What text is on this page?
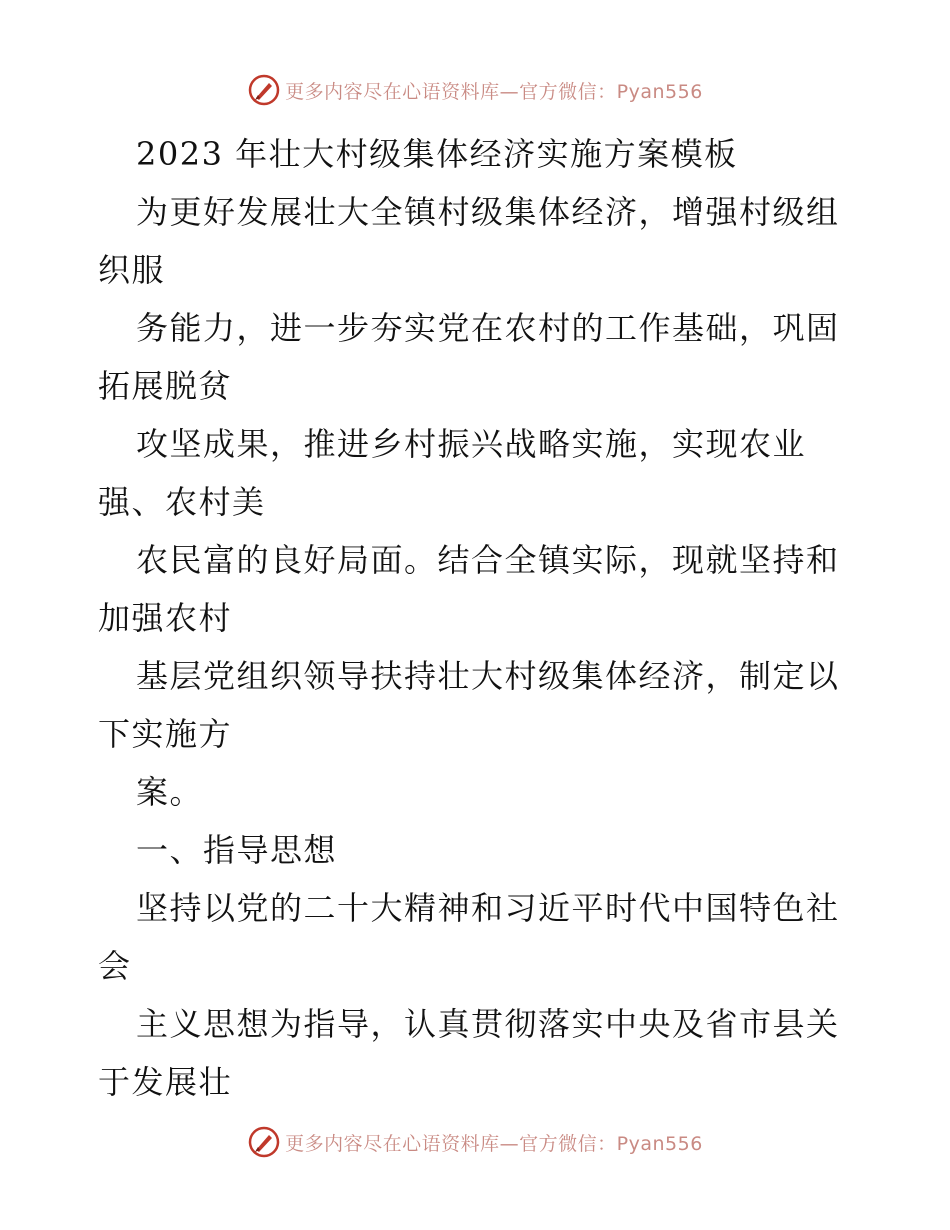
更多内容尽在心语资料库—官方微信：Pyan556
2023 年壮大村级集体经济实施方案模板
为更好发展壮大全镇村级集体经济，增强村级组
织服
务能力，进一步夯实党在农村的工作基础，巩固
拓展脱贫
攻坚成果，推进乡村振兴战略实施，实现农业
强、农村美
农民富的良好局面。结合全镇实际，现就坚持和
加强农村
基层党组织领导扶持壮大村级集体经济，制定以
下实施方
案。
一、指导思想
坚持以党的二十大精神和习近平时代中国特色社
会
主义思想为指导，认真贯彻落实中央及省市县关
于发展壮
更多内容尽在心语资料库—官方微信：Pyan556
